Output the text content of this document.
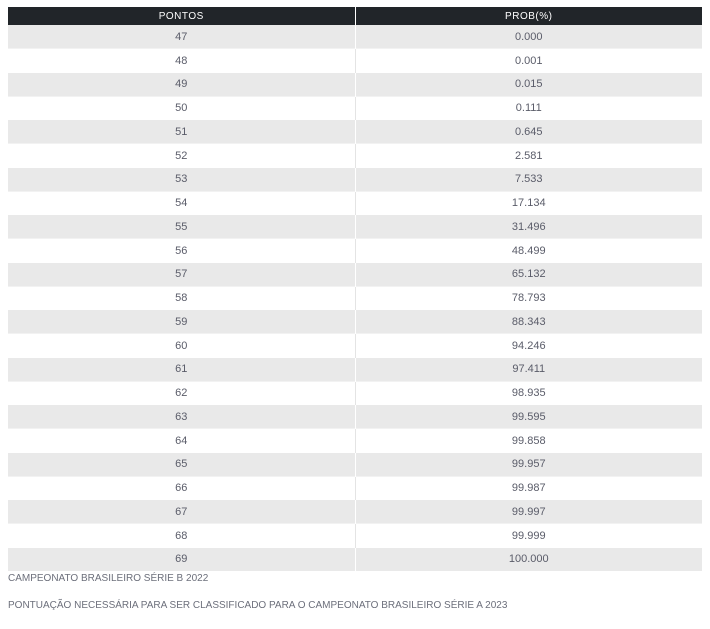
PONTOS	PROB(%)
47	0.000
48	0.001
49	0.015
50	0.111
51	0.645
52	2.581
53	7.533
54	17.134
55	31.496
56	48.499
57	65.132
58	78.793
59	88.343
60	94.246
61	97.411
62	98.935
63	99.595
64	99.858
65	99.957
66	99.987
67	99.997
68	99.999
69	100.000

CAMPEONATO BRASILEIRO SÉRIE B 2022

PONTUAÇÃO NECESSÁRIA PARA SER CLASSIFICADO PARA O CAMPEONATO BRASILEIRO SÉRIE A 2023
